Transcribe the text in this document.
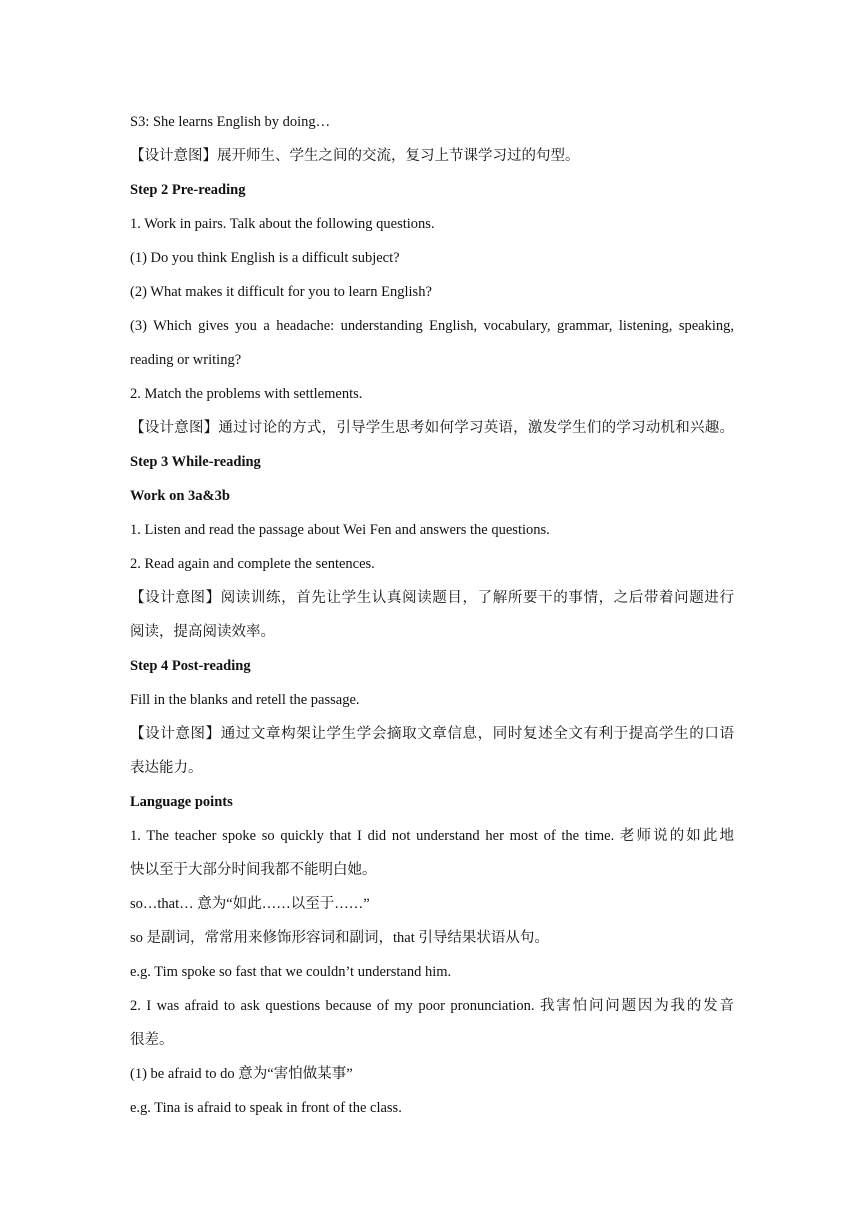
S3: She learns English by doing…
【设计意图】展开师生、学生之间的交流，复习上节课学习过的句型。
Step 2 Pre-reading
1. Work in pairs. Talk about the following questions.
(1) Do you think English is a difficult subject?
(2) What makes it difficult for you to learn English?
(3) Which gives you a headache: understanding English, vocabulary, grammar, listening, speaking,
reading or writing?
2. Match the problems with settlements.
【设计意图】通过讨论的方式，引导学生思考如何学习英语，激发学生们的学习动机和兴趣。
Step 3 While-reading
Work on 3a&3b
1. Listen and read the passage about Wei Fen and answers the questions.
2. Read again and complete the sentences.
【设计意图】阅读训练，首先让学生认真阅读题目，了解所要干的事情，之后带着问题进行
阅读，提高阅读效率。
Step 4 Post-reading
Fill in the blanks and retell the passage.
【设计意图】通过文章构架让学生学会摘取文章信息，同时复述全文有利于提高学生的口语
表达能力。
Language points
1. The teacher spoke so quickly that I did not understand her most of the time. 老师说的如此地
快以至于大部分时间我都不能明白她。
so…that… 意为“如此……以至于……”
so 是副词，常常用来修饰形容词和副词，that 引导结果状语从句。
e.g. Tim spoke so fast that we couldn’t understand him.
2. I was afraid to ask questions because of my poor pronunciation. 我害怕问问题因为我的发音
很差。
(1) be afraid to do 意为“害怕做某事”
e.g. Tina is afraid to speak in front of the class.
